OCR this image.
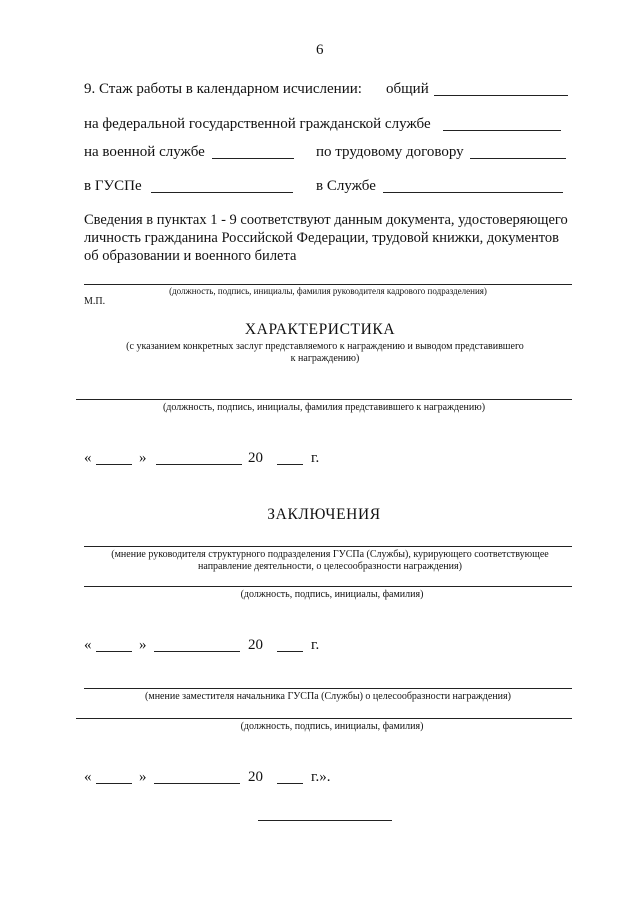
6
9. Стаж работы в календарном исчислении: общий
на федеральной государственной гражданской службе
на военной службе	по трудовому договору
в ГУСПе	в Службе
Сведения в пунктах 1 - 9 соответствуют данным документа, удостоверяющего
личность гражданина Российской Федерации, трудовой книжки, документов
об образовании и военного билета
(должность, подпись, инициалы, фамилия руководителя кадрового подразделения)
М.П.
ХАРАКТЕРИСТИКА
(с указанием конкретных заслуг представляемого к награждению и выводом представившего
к награждению)
(должность, подпись, инициалы, фамилия представившего к награждению)
«	»	20	г.
ЗАКЛЮЧЕНИЯ
(мнение руководителя структурного подразделения ГУСПа (Службы), курирующего соответствующее
направление деятельности, о целесообразности награждения)
(должность, подпись, инициалы, фамилия)
«	»	20	г.
(мнение заместителя начальника ГУСПа (Службы) о целесообразности награждения)
(должность, подпись, инициалы, фамилия)
«	»	20	г.».
